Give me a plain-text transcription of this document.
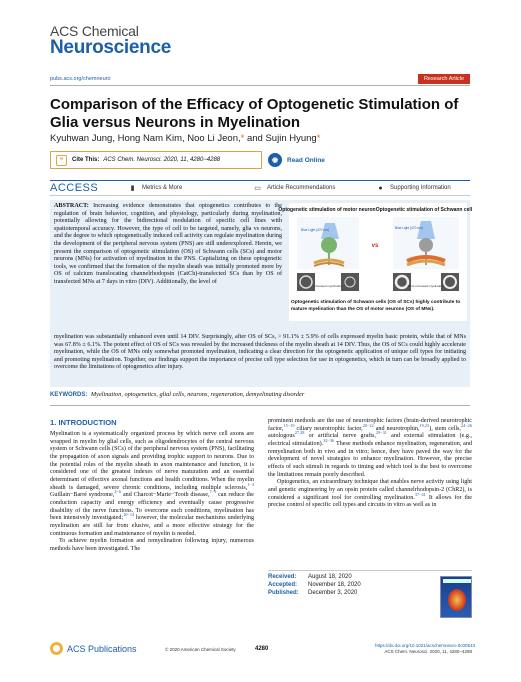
ACS Chemical
Neuroscience
pubs.acs.org/chemneuro	Research Article
Comparison of the Efficacy of Optogenetic Stimulation of Glia versus Neurons in Myelination
Kyuhwan Jung, Hong Nam Kim, Noo Li Jeon,* and Sujin Hyung*
❝	Cite This: ACS Chem. Neurosci. 2020, 11, 4280−4288	◉	Read Online
ACCESS	▮	Metrics & More	▭ Article Recommendations	●	Supporting Information
ABSTRACT: Increasing evidence demonstrates that optogenetics contributes to the regulation of brain behavior, cognition, and physiology, particularly during myelination, potentially allowing for the bidirectional modulation of specific cell lines with spatiotemporal accuracy. However, the type of cell to be targeted, namely, glia vs neurons, and the degree to which optogenetically induced cell activity can regulate myelination during the development of the peripheral nervous system (PNS) are still underexplored. Herein, we present the comparison of optogenetic stimulation (OS) of Schwann cells (SCs) and motor neurons (MNs) for activation of myelination in the PNS. Capitalizing on these optogenetic tools, we confirmed that the formation of the myelin sheath was initially promoted more by OS of calcium translocating channelrhodopsin (CatCh)-transfected SCs than by OS of transfected MNs at 7 days in vitro (DIV). Additionally, the level of
Optogenetic stimulation of motor neuron Optogenetic stimulation of Schwann cell
Blue Light (470 nm)
vs
Blue Light (470 nm)
Increased myelination	More increased myelination
Optogenetic stimulation of Schwann cells (OS of SCs) highly contribute to mature myelination than the OS of motor neurons (OS of MNs).
myelination was substantially enhanced even until 14 DIV. Surprisingly, after OS of SCs, > 91.1% ± 5.9% of cells expressed myelin basic protein, while that of MNs was 67.8% ± 6.1%. The potent effect of OS of SCs was revealed by the increased thickness of the myelin sheath at 14 DIV. Thus, the OS of SCs could highly accelerate myelination, while the OS of MNs only somewhat promoted myelination, indicating a clear direction for the optogenetic application of unique cell types for initiating and promoting myelination. Together, our findings support the importance of precise cell type selection for use in optogenetics, which in turn can be broadly applied to overcome the limitations of optogenetics after injury.
KEYWORDS: Myelination, optogenetics, glial cells, neurons, regeneration, demyelinating disorder
1. INTRODUCTION

Myelination is a systematically organized process by which nerve cell axons are wrapped in myelin by glial cells, such as oligodendrocytes of the central nervous system or Schwann cells (SCs) of the peripheral nervous system (PNS), facilitating the propagation of axon signals and providing trophic support to neurons. Due to the potential roles of the myelin sheath in axon maintenance and function, it is considered one of the greatest indexes of nerve maturation and an essential determinant of effective axonal functions and health conditions. When the myelin sheath is damaged, severe chronic conditions, including multiple sclerosis,$^{1-3}$ Guillain−Barré syndrome,$^{4-6}$ and Charcot−Marie−Tooth disease,$^{7-9}$ can reduce the conduction capacity and energy efficiency and eventually cause progressive disability of the nerve functions. To overcome such conditions, myelination has been intensively investigated;$^{10-14}$ however, the molecular mechanisms underlying myelination are still far from elusive, and a more effective strategy for the continuous formation and maintenance of myelin is needed.

To achieve myelin formation and remyelination following injury, numerous methods have been investigated. The

prominent methods are the use of neurotrophic factors (brain-derived neurotrophic factor,$^{15-19}$ ciliary neurotrophic factor,$^{20-22}$ and neurotrophin,$^{19,23}$), stem cells,$^{24-26}$ autologous$^{27,28}$ or artificial nerve grafts,$^{29-31}$ and external stimulation (e.g., electrical stimulation).$^{32-36}$ These methods enhance myelination, regeneration, and remyelination both in vivo and in vitro; hence, they have paved the way for the development of novel strategies to enhance myelination. However, the precise effects of such stimuli in regards to timing and which tool is the best to overcome the limitations remain poorly described.

Optogenetics, an extraordinary technique that enables nerve activity using light and genetic engineering by an opsin protein called channelrhodopsin-2 (ChR2), is considered a significant tool for controlling myelination.$^{37-41}$ It allows for the precise control of specific cell types and circuits in vitro as well as in

Received: August 18, 2020
Accepted: November 18, 2020
Published: December 3, 2020
ACS Publications	© 2020 American Chemical Society	4280
https://dx.doi.org/10.1021/acschemneuro.0c00543
ACS Chem. Neurosci. 2020, 11, 4280−4288
